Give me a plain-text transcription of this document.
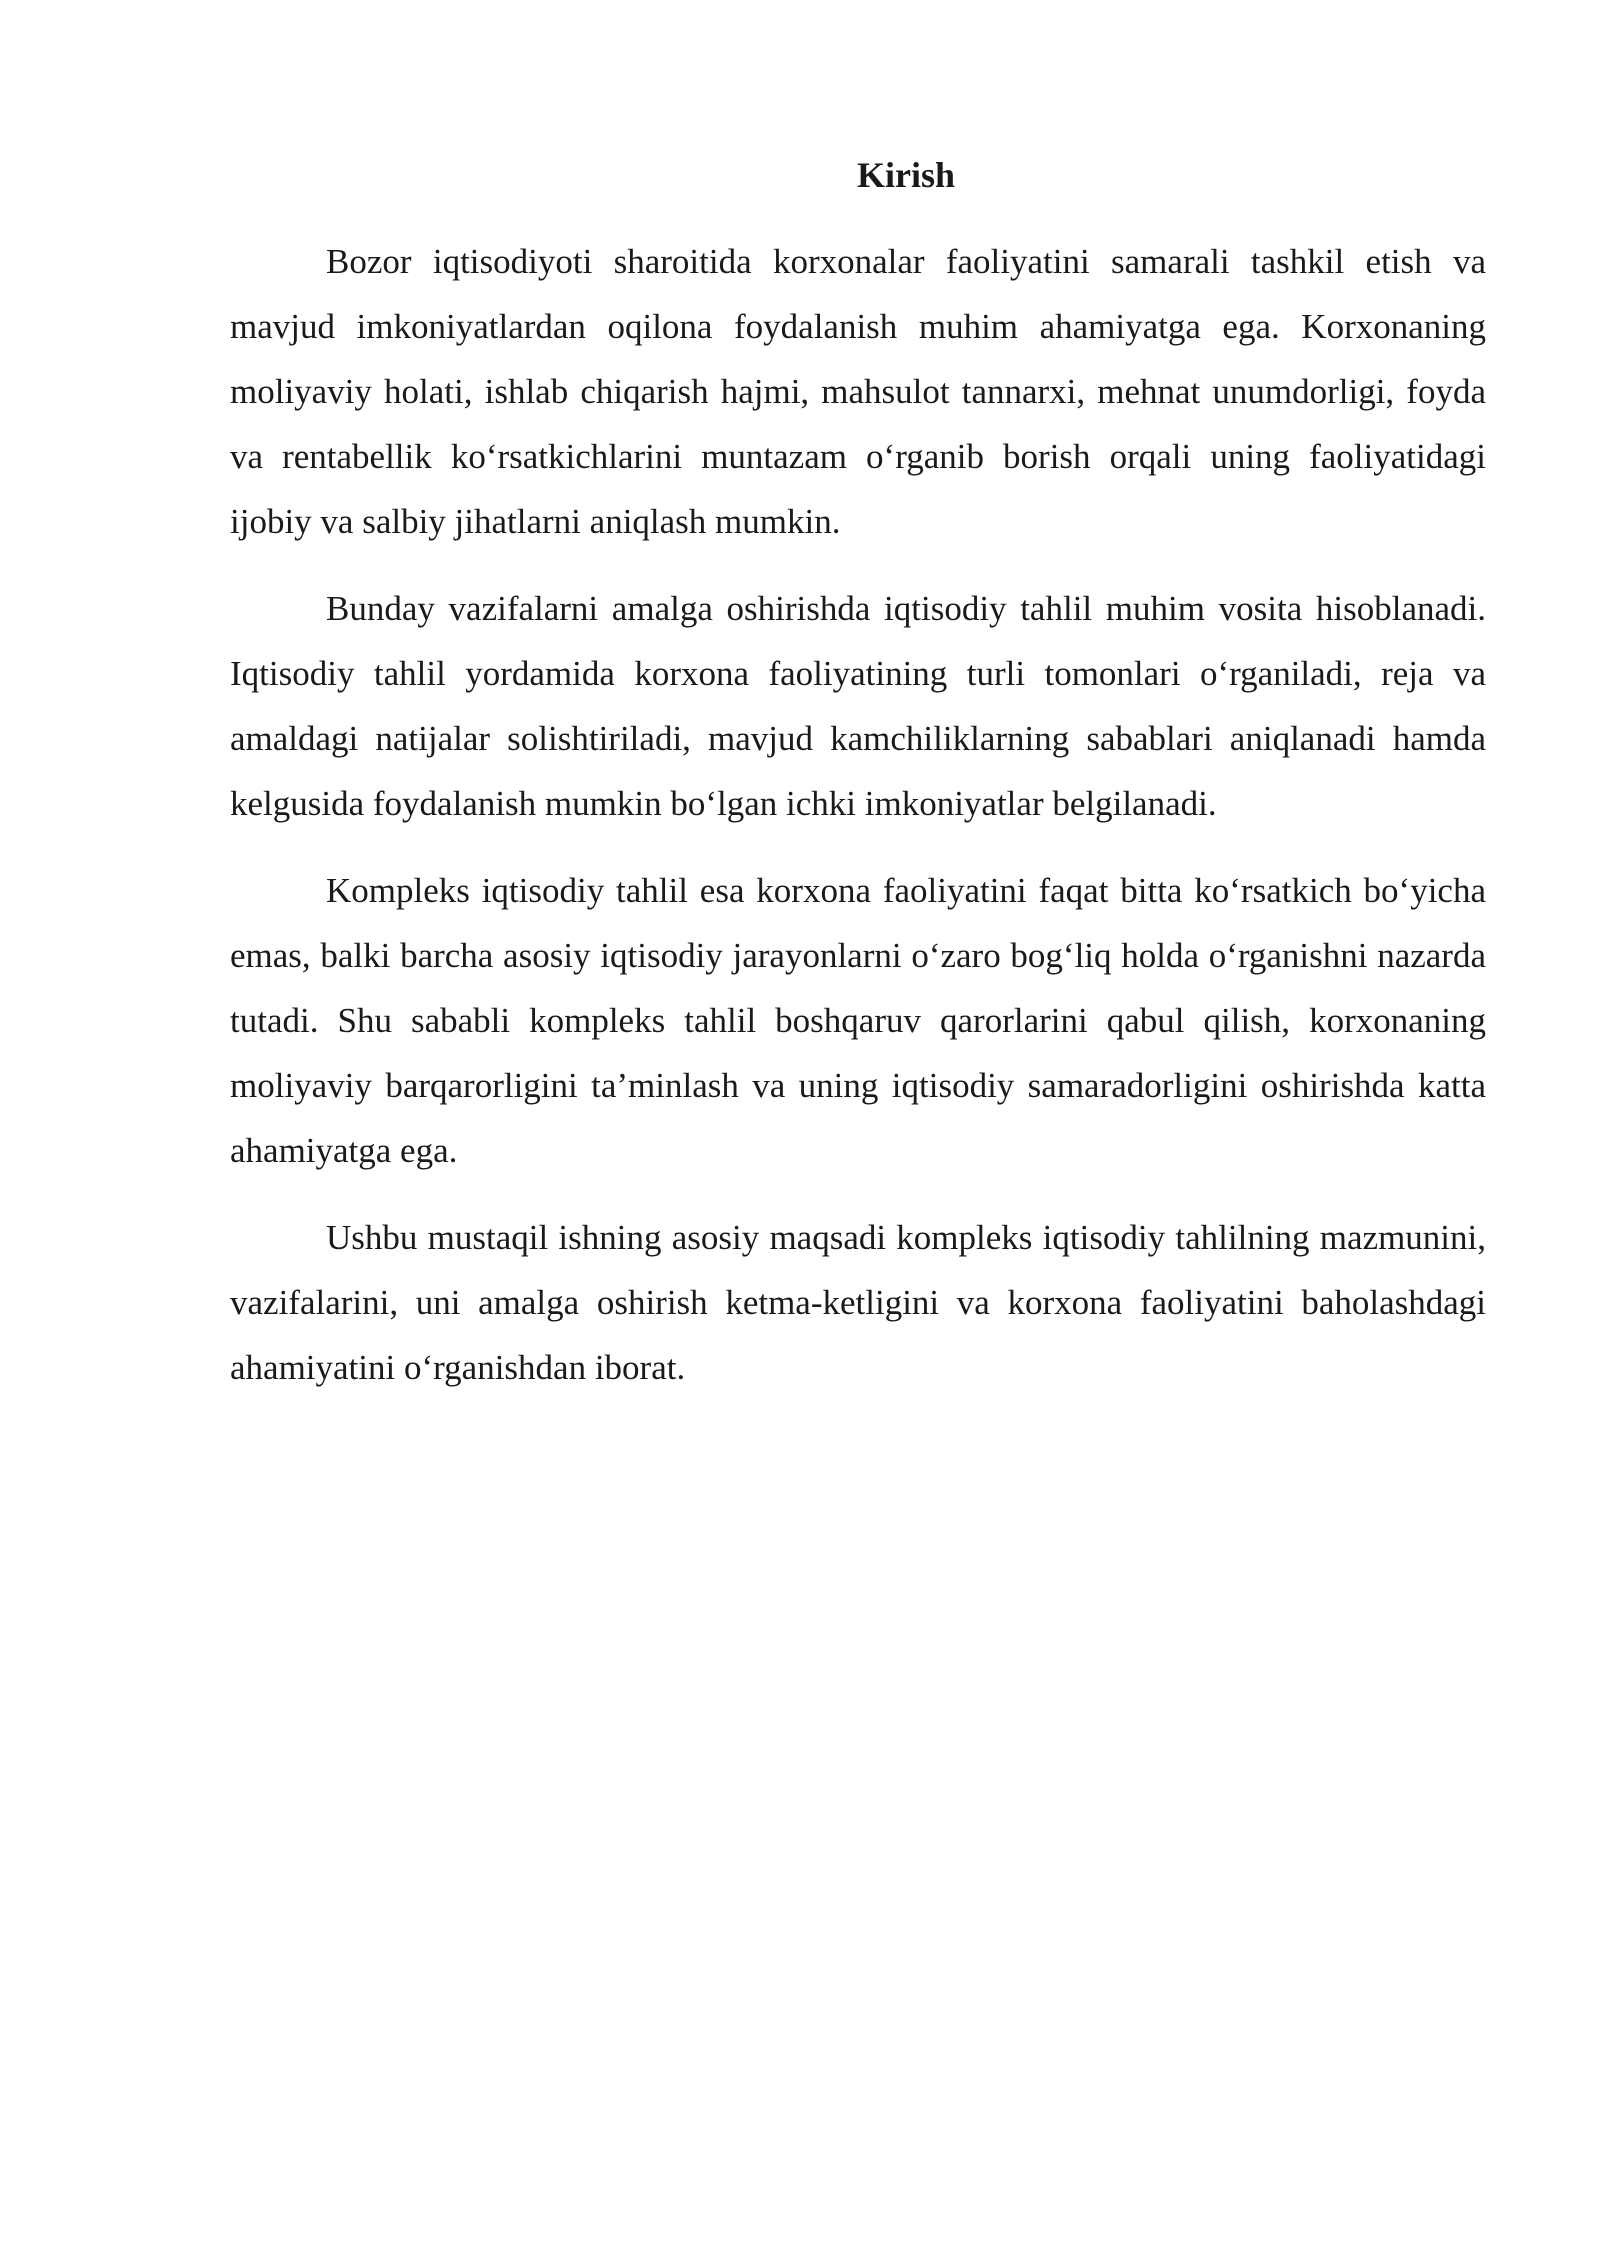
Kirish

Bozor iqtisodiyoti sharoitida korxonalar faoliyatini samarali tashkil etish va mavjud imkoniyatlardan oqilona foydalanish muhim ahamiyatga ega. Korxonaning moliyaviy holati, ishlab chiqarish hajmi, mahsulot tannarxi, mehnat unumdorligi, foyda va rentabellik ko‘rsatkichlarini muntazam o‘rganib borish orqali uning faoliyatidagi ijobiy va salbiy jihatlarni aniqlash mumkin.

Bunday vazifalarni amalga oshirishda iqtisodiy tahlil muhim vosita hisoblanadi. Iqtisodiy tahlil yordamida korxona faoliyatining turli tomonlari o‘rganiladi, reja va amaldagi natijalar solishtiriladi, mavjud kamchiliklarning sabablari aniqlanadi hamda kelgusida foydalanish mumkin bo‘lgan ichki imkoniyatlar belgilanadi.

Kompleks iqtisodiy tahlil esa korxona faoliyatini faqat bitta ko‘rsatkich bo‘yicha emas, balki barcha asosiy iqtisodiy jarayonlarni o‘zaro bog‘liq holda o‘rganishni nazarda tutadi. Shu sababli kompleks tahlil boshqaruv qarorlarini qabul qilish, korxonaning moliyaviy barqarorligini ta’minlash va uning iqtisodiy samaradorligini oshirishda katta ahamiyatga ega.

Ushbu mustaqil ishning asosiy maqsadi kompleks iqtisodiy tahlilning mazmunini, vazifalarini, uni amalga oshirish ketma-ketligini va korxona faoliyatini baholashdagi ahamiyatini o‘rganishdan iborat.
